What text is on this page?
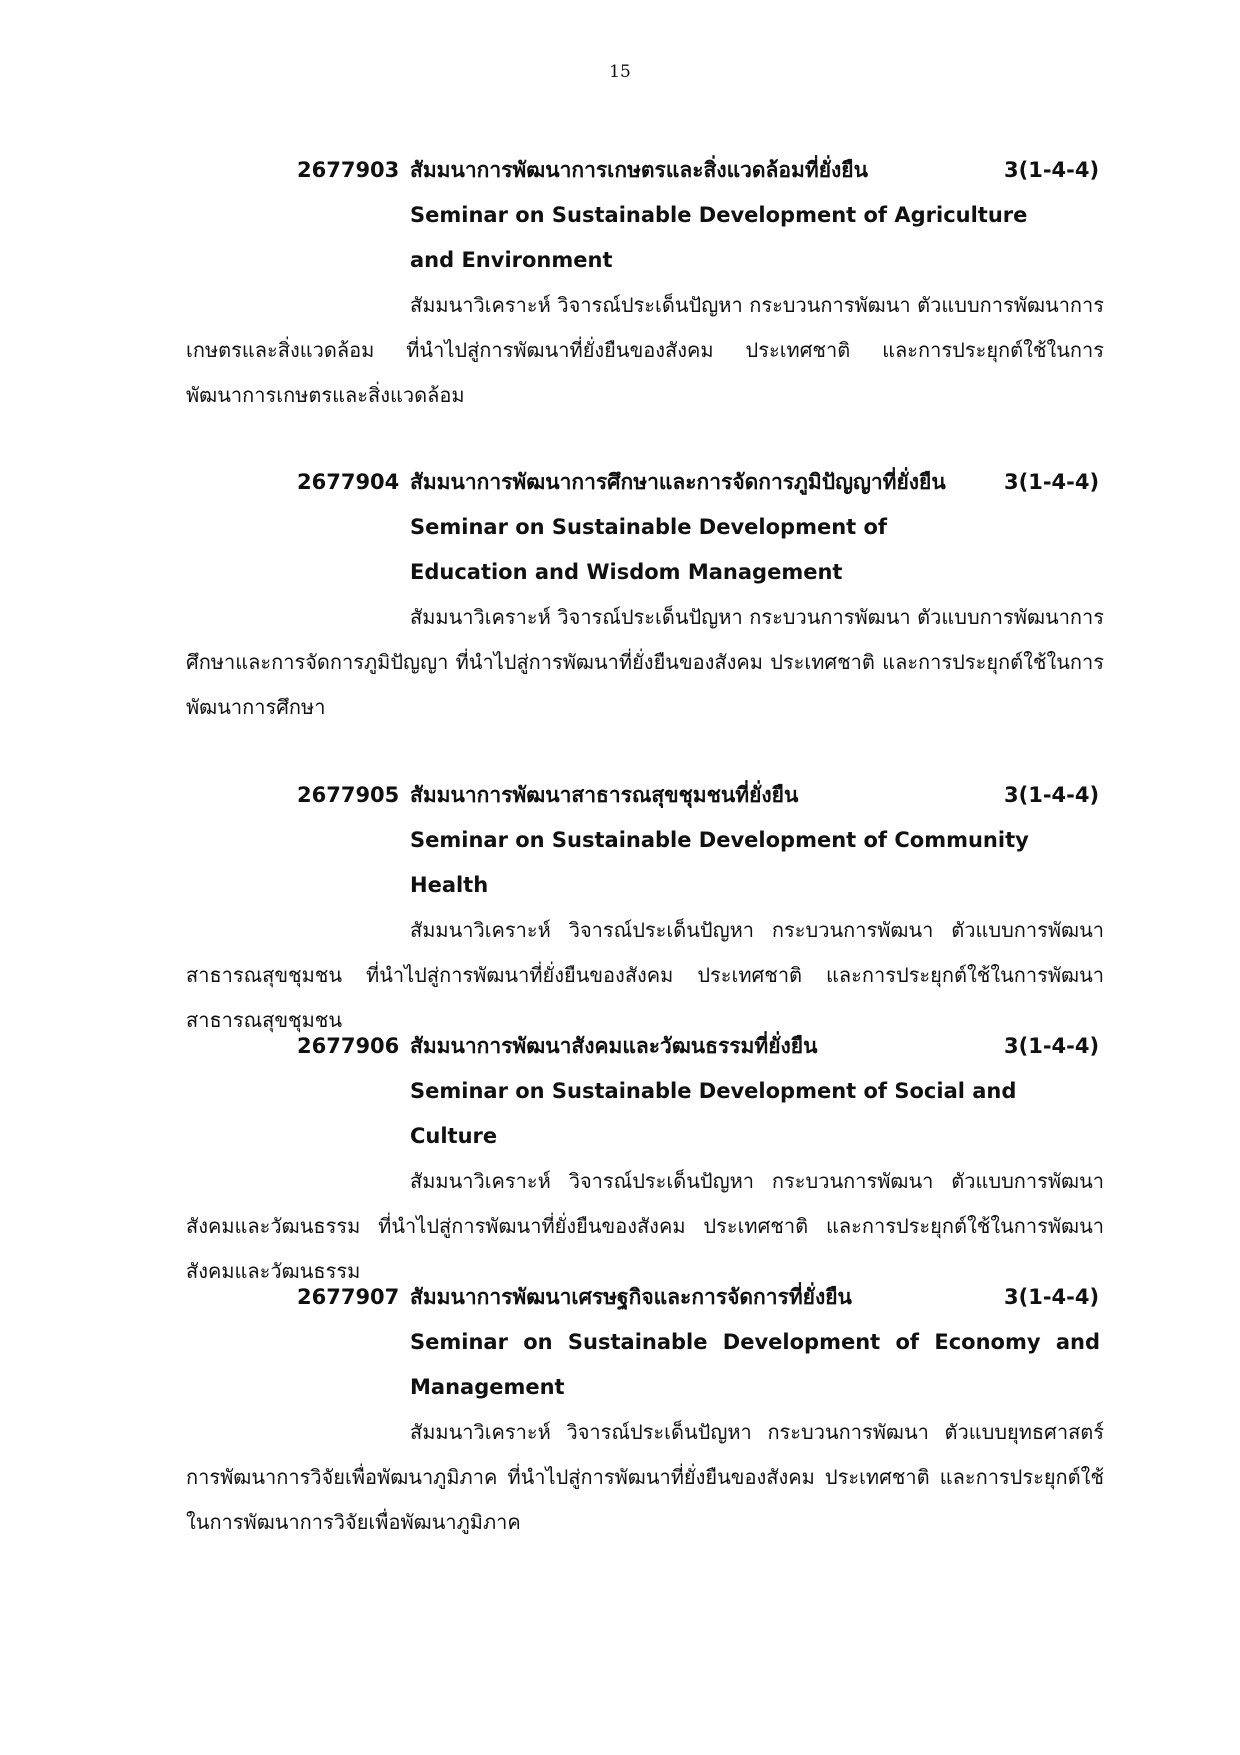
15
2677903 สัมมนาการพัฒนาการเกษตรและสิ่งแวดล้อมที่ยั่งยืน	3(1-4-4)
Seminar on Sustainable Development of Agriculture and Environment
สัมมนาวิเคราะห์ วิจารณ์ประเด็นปัญหา กระบวนการพัฒนา ตัวแบบการพัฒนาการเกษตรและสิ่งแวดล้อม ที่นำไปสู่การพัฒนาที่ยั่งยืนของสังคม ประเทศชาติ และการประยุกต์ใช้ในการพัฒนาการเกษตรและสิ่งแวดล้อม
2677904 สัมมนาการพัฒนาการศึกษาและการจัดการภูมิปัญญาที่ยั่งยืน	3(1-4-4)
Seminar on Sustainable Development of Education and Wisdom Management
สัมมนาวิเคราะห์ วิจารณ์ประเด็นปัญหา กระบวนการพัฒนา ตัวแบบการพัฒนาการศึกษาและการจัดการภูมิปัญญา ที่นำไปสู่การพัฒนาที่ยั่งยืนของสังคม ประเทศชาติ และการประยุกต์ใช้ในการพัฒนาการศึกษา
2677905 สัมมนาการพัฒนาสาธารณสุขชุมชนที่ยั่งยืน	3(1-4-4)
Seminar on Sustainable Development of Community Health
สัมมนาวิเคราะห์ วิจารณ์ประเด็นปัญหา กระบวนการพัฒนา ตัวแบบการพัฒนาสาธารณสุขชุมชน ที่นำไปสู่การพัฒนาที่ยั่งยืนของสังคม ประเทศชาติ และการประยุกต์ใช้ในการพัฒนาสาธารณสุขชุมชน
2677906 สัมมนาการพัฒนาสังคมและวัฒนธรรมที่ยั่งยืน	3(1-4-4)
Seminar on Sustainable Development of Social and Culture
สัมมนาวิเคราะห์ วิจารณ์ประเด็นปัญหา กระบวนการพัฒนา ตัวแบบการพัฒนาสังคมและวัฒนธรรม ที่นำไปสู่การพัฒนาที่ยั่งยืนของสังคม ประเทศชาติ และการประยุกต์ใช้ในการพัฒนาสังคมและวัฒนธรรม
2677907 สัมมนาการพัฒนาเศรษฐกิจและการจัดการที่ยั่งยืน	3(1-4-4)
Seminar on Sustainable Development of Economy and Management
สัมมนาวิเคราะห์ วิจารณ์ประเด็นปัญหา กระบวนการพัฒนา ตัวแบบยุทธศาสตร์การพัฒนาการวิจัยเพื่อพัฒนาภูมิภาค ที่นำไปสู่การพัฒนาที่ยั่งยืนของสังคม ประเทศชาติ และการประยุกต์ใช้ในการพัฒนาการวิจัยเพื่อพัฒนาภูมิภาค
